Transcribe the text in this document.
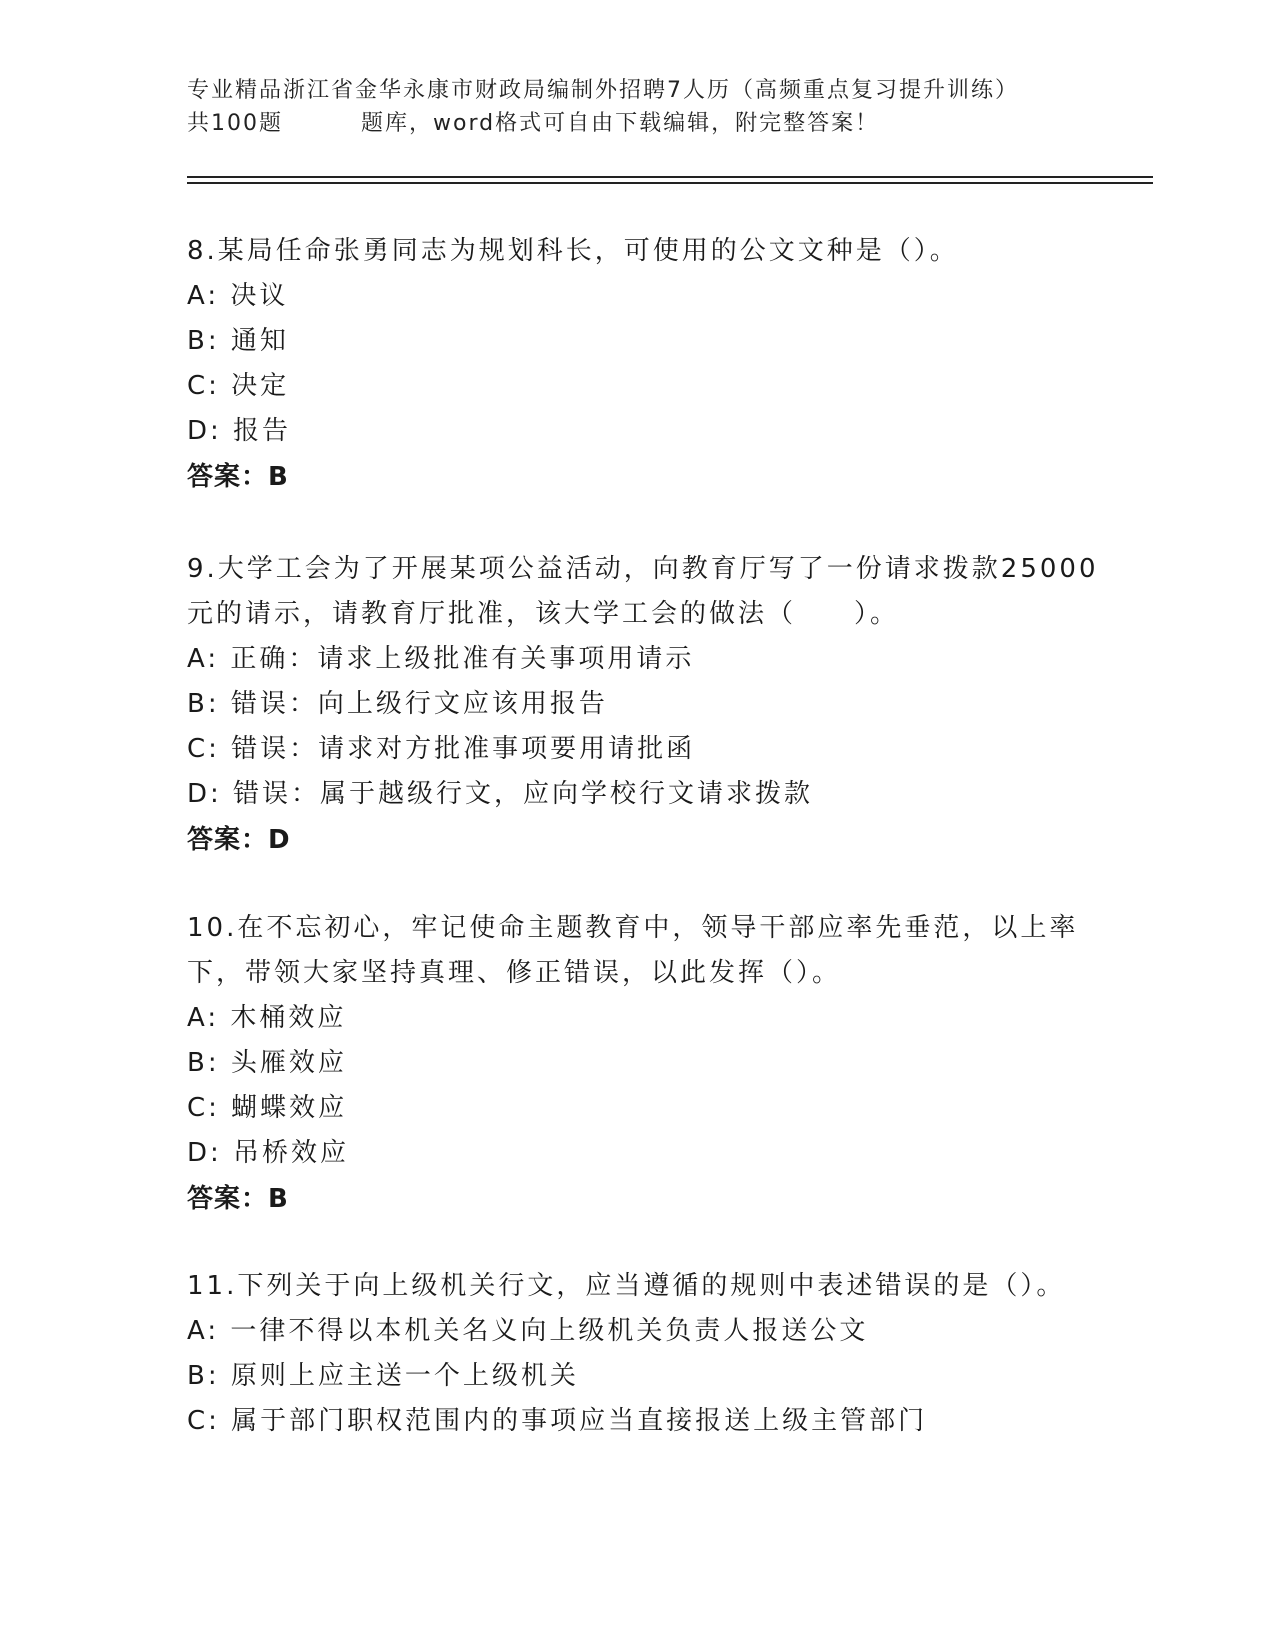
专业精品浙江省金华永康市财政局编制外招聘7人历（高频重点复习提升训练）
共100题	题库，word格式可自由下载编辑，附完整答案！
8.某局任命张勇同志为规划科长，可使用的公文文种是（）。
A: 决议
B: 通知
C: 决定
D: 报告
答案：B
9.大学工会为了开展某项公益活动，向教育厅写了一份请求拨款25000元的请示，请教育厅批准，该大学工会的做法（　　）。
A: 正确：请求上级批准有关事项用请示
B: 错误：向上级行文应该用报告
C: 错误：请求对方批准事项要用请批函
D: 错误：属于越级行文，应向学校行文请求拨款
答案：D
10.在不忘初心，牢记使命主题教育中，领导干部应率先垂范，以上率下，带领大家坚持真理、修正错误，以此发挥（）。
A: 木桶效应
B: 头雁效应
C: 蝴蝶效应
D: 吊桥效应
答案：B
11.下列关于向上级机关行文，应当遵循的规则中表述错误的是（）。
A: 一律不得以本机关名义向上级机关负责人报送公文
B: 原则上应主送一个上级机关
C: 属于部门职权范围内的事项应当直接报送上级主管部门
